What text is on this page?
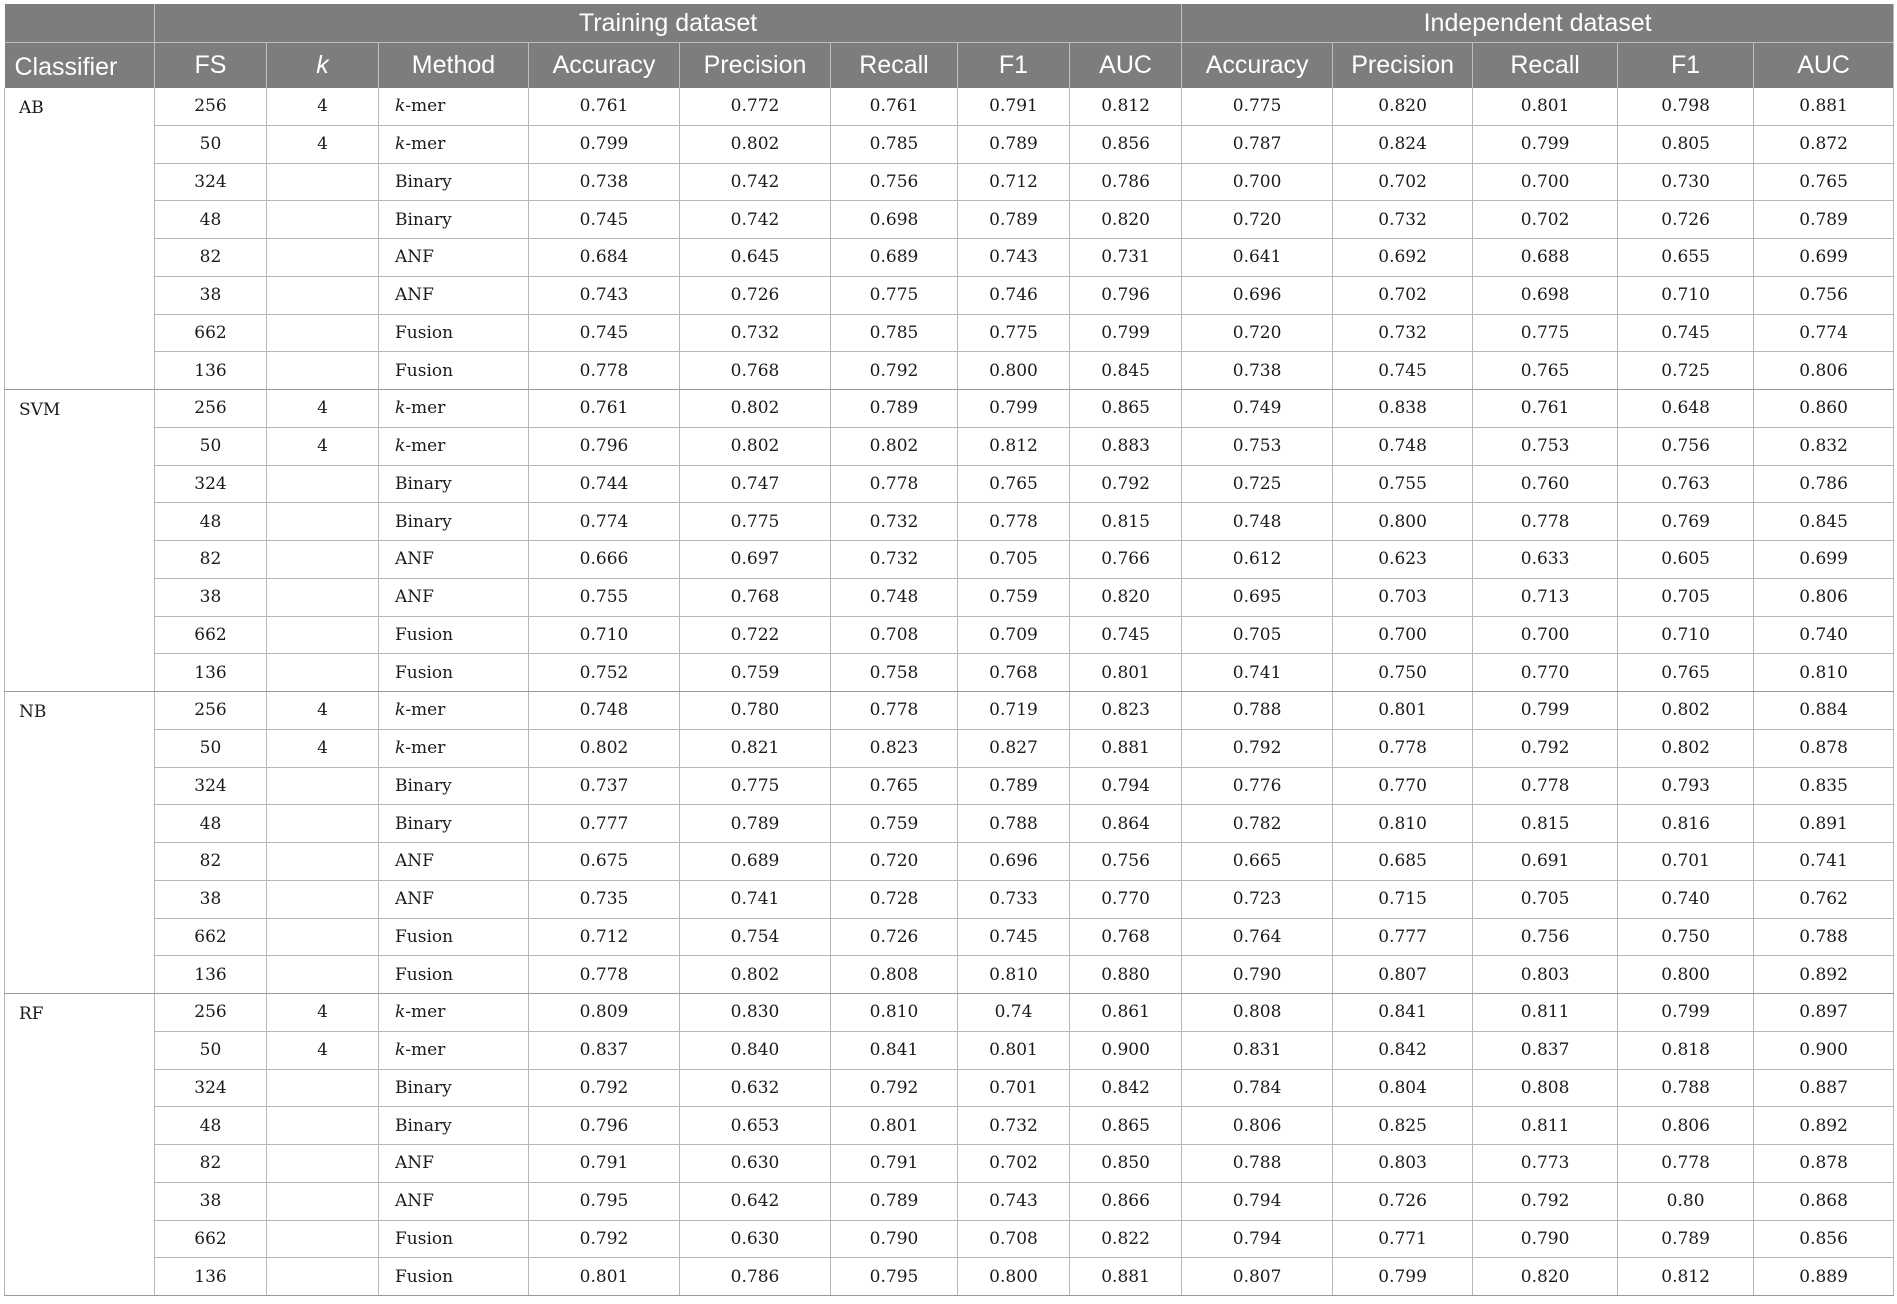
	Training dataset								Independent dataset				
Classifier	FS	k	Method	Accuracy	Precision	Recall	F1	AUC	Accuracy	Precision	Recall	F1	AUC
AB	256	4	k-mer	0.761	0.772	0.761	0.791	0.812	0.775	0.820	0.801	0.798	0.881
	50	4	k-mer	0.799	0.802	0.785	0.789	0.856	0.787	0.824	0.799	0.805	0.872
	324		Binary	0.738	0.742	0.756	0.712	0.786	0.700	0.702	0.700	0.730	0.765
	48		Binary	0.745	0.742	0.698	0.789	0.820	0.720	0.732	0.702	0.726	0.789
	82		ANF	0.684	0.645	0.689	0.743	0.731	0.641	0.692	0.688	0.655	0.699
	38		ANF	0.743	0.726	0.775	0.746	0.796	0.696	0.702	0.698	0.710	0.756
	662		Fusion	0.745	0.732	0.785	0.775	0.799	0.720	0.732	0.775	0.745	0.774
	136		Fusion	0.778	0.768	0.792	0.800	0.845	0.738	0.745	0.765	0.725	0.806
SVM	256	4	k-mer	0.761	0.802	0.789	0.799	0.865	0.749	0.838	0.761	0.648	0.860
	50	4	k-mer	0.796	0.802	0.802	0.812	0.883	0.753	0.748	0.753	0.756	0.832
	324		Binary	0.744	0.747	0.778	0.765	0.792	0.725	0.755	0.760	0.763	0.786
	48		Binary	0.774	0.775	0.732	0.778	0.815	0.748	0.800	0.778	0.769	0.845
	82		ANF	0.666	0.697	0.732	0.705	0.766	0.612	0.623	0.633	0.605	0.699
	38		ANF	0.755	0.768	0.748	0.759	0.820	0.695	0.703	0.713	0.705	0.806
	662		Fusion	0.710	0.722	0.708	0.709	0.745	0.705	0.700	0.700	0.710	0.740
	136		Fusion	0.752	0.759	0.758	0.768	0.801	0.741	0.750	0.770	0.765	0.810
NB	256	4	k-mer	0.748	0.780	0.778	0.719	0.823	0.788	0.801	0.799	0.802	0.884
	50	4	k-mer	0.802	0.821	0.823	0.827	0.881	0.792	0.778	0.792	0.802	0.878
	324		Binary	0.737	0.775	0.765	0.789	0.794	0.776	0.770	0.778	0.793	0.835
	48		Binary	0.777	0.789	0.759	0.788	0.864	0.782	0.810	0.815	0.816	0.891
	82		ANF	0.675	0.689	0.720	0.696	0.756	0.665	0.685	0.691	0.701	0.741
	38		ANF	0.735	0.741	0.728	0.733	0.770	0.723	0.715	0.705	0.740	0.762
	662		Fusion	0.712	0.754	0.726	0.745	0.768	0.764	0.777	0.756	0.750	0.788
	136		Fusion	0.778	0.802	0.808	0.810	0.880	0.790	0.807	0.803	0.800	0.892
RF	256	4	k-mer	0.809	0.830	0.810	0.74	0.861	0.808	0.841	0.811	0.799	0.897
	50	4	k-mer	0.837	0.840	0.841	0.801	0.900	0.831	0.842	0.837	0.818	0.900
	324		Binary	0.792	0.632	0.792	0.701	0.842	0.784	0.804	0.808	0.788	0.887
	48		Binary	0.796	0.653	0.801	0.732	0.865	0.806	0.825	0.811	0.806	0.892
	82		ANF	0.791	0.630	0.791	0.702	0.850	0.788	0.803	0.773	0.778	0.878
	38		ANF	0.795	0.642	0.789	0.743	0.866	0.794	0.726	0.792	0.80	0.868
	662		Fusion	0.792	0.630	0.790	0.708	0.822	0.794	0.771	0.790	0.789	0.856
	136		Fusion	0.801	0.786	0.795	0.800	0.881	0.807	0.799	0.820	0.812	0.889
